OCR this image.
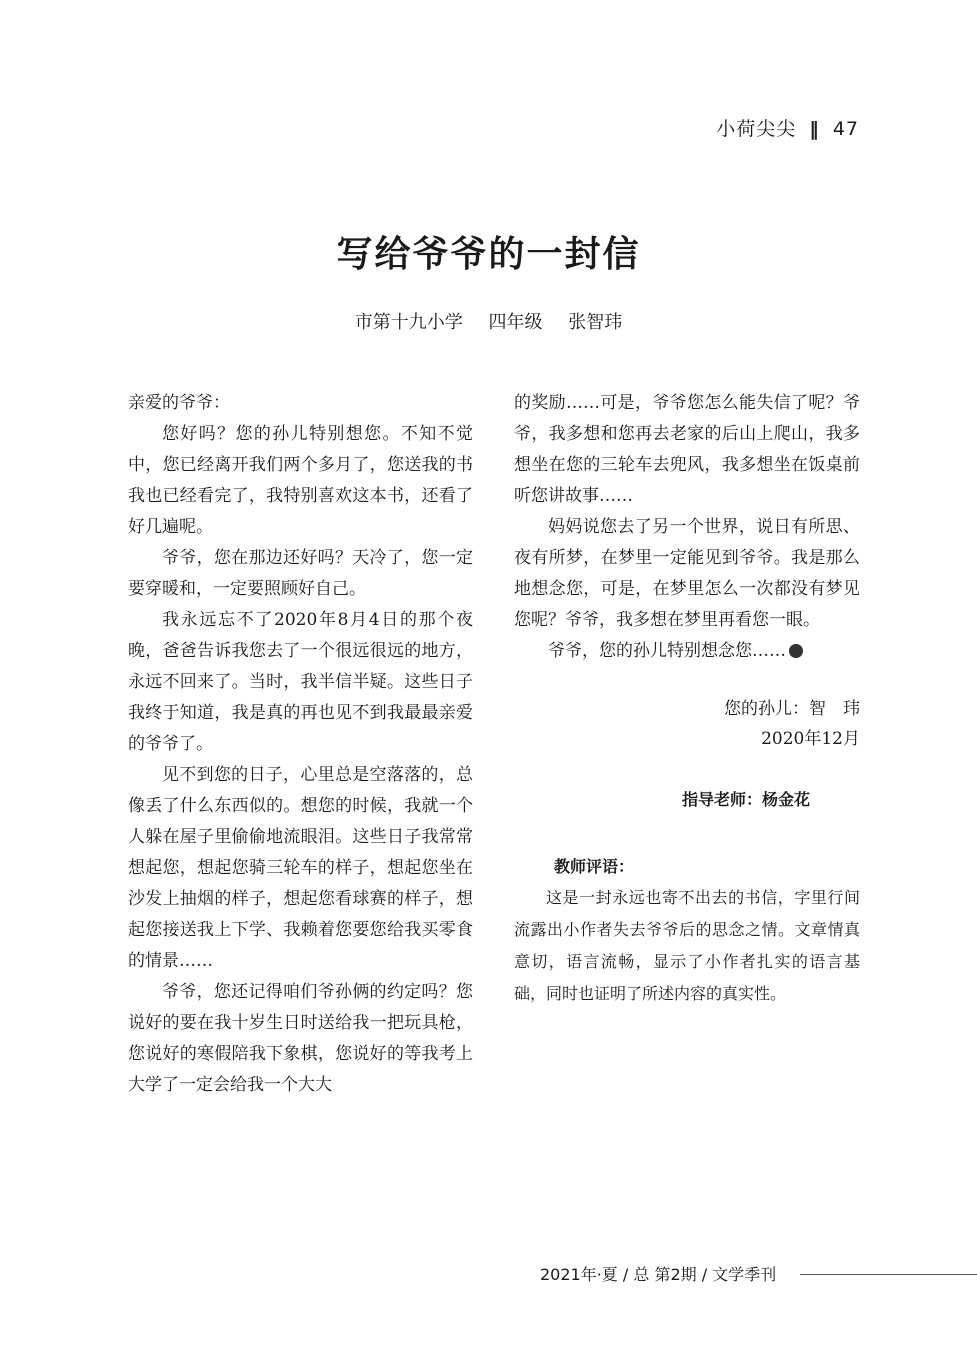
小荷尖尖 ‖ 47
写给爷爷的一封信
市第十九小学 四年级 张智玮

亲爱的爷爷：

您好吗？您的孙儿特别想您。不知不觉中，您已经离开我们两个多月了，您送我的书我也已经看完了，我特别喜欢这本书，还看了好几遍呢。

爷爷，您在那边还好吗？天冷了，您一定要穿暖和，一定要照顾好自己。

我永远忘不了2020年8月4日的那个夜晚，爸爸告诉我您去了一个很远很远的地方，永远不回来了。当时，我半信半疑。这些日子我终于知道，我是真的再也见不到我最最亲爱的爷爷了。

见不到您的日子，心里总是空落落的，总像丢了什么东西似的。想您的时候，我就一个人躲在屋子里偷偷地流眼泪。这些日子我常常想起您，想起您骑三轮车的样子，想起您坐在沙发上抽烟的样子，想起您看球赛的样子，想起您接送我上下学、我赖着您要您给我买零食的情景……

爷爷，您还记得咱们爷孙俩的约定吗？您说好的要在我十岁生日时送给我一把玩具枪，您说好的寒假陪我下象棋，您说好的等我考上大学了一定会给我一个大大

的奖励……可是，爷爷您怎么能失信了呢？爷爷，我多想和您再去老家的后山上爬山，我多想坐在您的三轮车去兜风，我多想坐在饭桌前听您讲故事……

妈妈说您去了另一个世界，说日有所思、夜有所梦，在梦里一定能见到爷爷。我是那么地想念您，可是，在梦里怎么一次都没有梦见您呢？爷爷，我多想在梦里再看您一眼。

爷爷，您的孙儿特别想念您……

您的孙儿：智　玮
2020年12月
指导老师：杨金花
教师评语：

这是一封永远也寄不出去的书信，字里行间流露出小作者失去爷爷后的思念之情。文章情真意切，语言流畅，显示了小作者扎实的语言基础，同时也证明了所述内容的真实性。

2021年·夏 / 总 第2期 / 文学季刊
